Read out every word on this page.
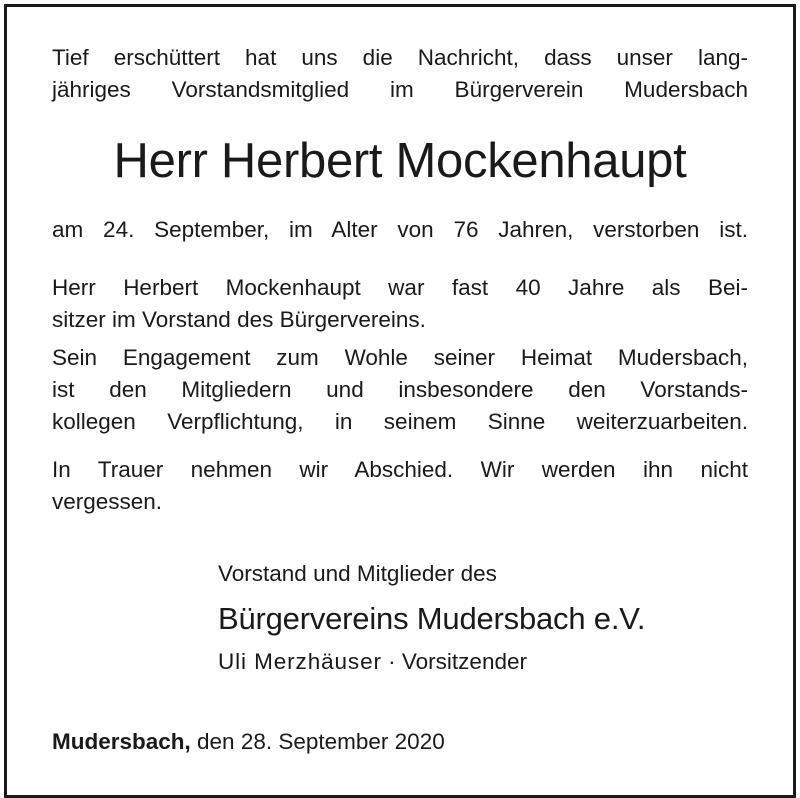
Tief erschüttert hat uns die Nachricht, dass unser lang-
jähriges Vorstandsmitglied im Bürgerverein Mudersbach
Herr Herbert Mockenhaupt
am 24. September, im Alter von 76 Jahren, verstorben ist.
Herr Herbert Mockenhaupt war fast 40 Jahre als Bei-
sitzer im Vorstand des Bürgervereins.
Sein Engagement zum Wohle seiner Heimat Mudersbach,
ist den Mitgliedern und insbesondere den Vorstands-
kollegen Verpflichtung, in seinem Sinne weiterzuarbeiten.
In Trauer nehmen wir Abschied. Wir werden ihn nicht
vergessen.
Vorstand und Mitglieder des
Bürgervereins Mudersbach e.V.
Uli Merzhäuser · Vorsitzender
Mudersbach, den 28. September 2020
